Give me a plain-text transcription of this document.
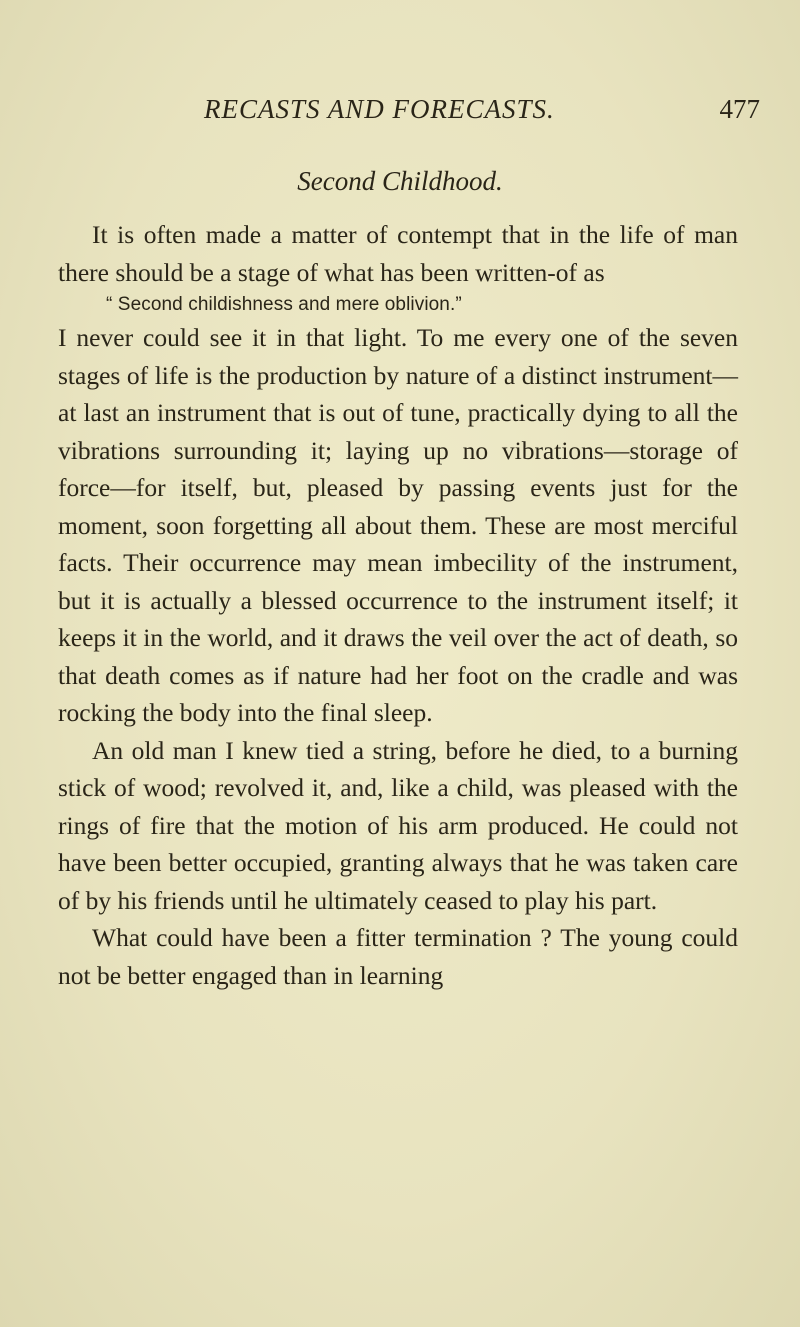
RECASTS AND FORECASTS.	477
Second Childhood.

It is often made a matter of contempt that in the life of man there should be a stage of what has been written-of as

“ Second childishness and mere oblivion.”

I never could see it in that light. To me every one of the seven stages of life is the production by nature of a distinct instrument—at last an instrument that is out of tune, practically dying to all the vibrations surrounding it; laying up no vibrations—storage of force—for itself, but, pleased by passing events just for the moment, soon forgetting all about them. These are most merciful facts. Their occurrence may mean imbecility of the instrument, but it is actually a blessed occurrence to the instrument itself; it keeps it in the world, and it draws the veil over the act of death, so that death comes as if nature had her foot on the cradle and was rocking the body into the final sleep.

An old man I knew tied a string, before he died, to a burning stick of wood; revolved it, and, like a child, was pleased with the rings of fire that the motion of his arm produced. He could not have been better occupied, granting always that he was taken care of by his friends until he ultimately ceased to play his part.

What could have been a fitter termination ? The young could not be better engaged than in learning
